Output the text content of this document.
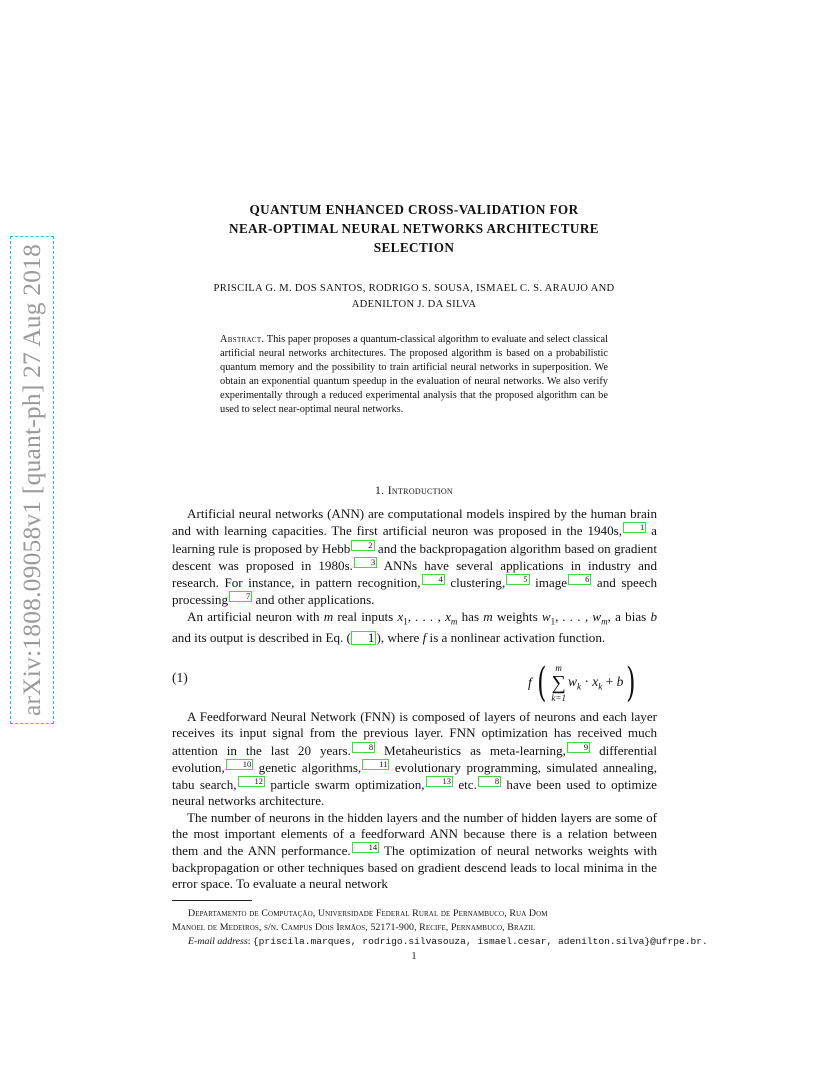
arXiv:1808.09058v1 [quant-ph] 27 Aug 2018
QUANTUM ENHANCED CROSS-VALIDATION FOR
NEAR-OPTIMAL NEURAL NETWORKS ARCHITECTURE
SELECTION
PRISCILA G. M. DOS SANTOS, RODRIGO S. SOUSA, ISMAEL C. S. ARAUJO AND
ADENILTON J. DA SILVA
Abstract. This paper proposes a quantum-classical algorithm to evaluate and select classical artificial neural networks architectures. The proposed algorithm is based on a probabilistic quantum memory and the possibility to train artificial neural networks in superposition. We obtain an exponential quantum speedup in the evaluation of neural networks. We also verify experimentally through a reduced experimental analysis that the proposed algorithm can be used to select near-optimal neural networks.
1. Introduction

Artificial neural networks (ANN) are computational models inspired by the human brain and with learning capacities. The first artificial neuron was proposed in the 1940s, 1 a learning rule is proposed by Hebb 2 and the backpropagation algorithm based on gradient descent was proposed in 1980s. 3 ANNs have several applications in industry and research. For instance, in pattern recognition, 4 clustering, 5 image 6 and speech processing 7 and other applications.

An artificial neuron with m real inputs $x_1$, . . . , $x_m$ has m weights $w_1$, . . . , $w_m$, a bias b and its output is described in Eq. ( 1 ), where f is a nonlinear activation function.

(1)	f	(	m
∑
k=1
	$w_k \cdot x_k + b$	)

A Feedforward Neural Network (FNN) is composed of layers of neurons and each layer receives its input signal from the previous layer. FNN optimization has received much attention in the last 20 years. 8 Metaheuristics as meta-learning, 9 differential evolution, 10 genetic algorithms, 11 evolutionary programming, simulated annealing, tabu search, 12 particle swarm optimization, 13 etc. 8 have been used to optimize neural networks architecture.

The number of neurons in the hidden layers and the number of hidden layers are some of the most important elements of a feedforward ANN because there is a relation between them and the ANN performance. 14 The optimization of neural networks weights with backpropagation or other techniques based on gradient descend leads to local minima in the error space. To evaluate a neural network

Departamento de Computação, Universidade Federal Rural de Pernambuco, Rua Dom
Manoel de Medeiros, s/n. Campus Dois Irmãos, 52171-900, Recife, Pernambuco, Brazil
E-mail address: {priscila.marques, rodrigo.silvasouza, ismael.cesar, adenilton.silva}@ufrpe.br.
1
